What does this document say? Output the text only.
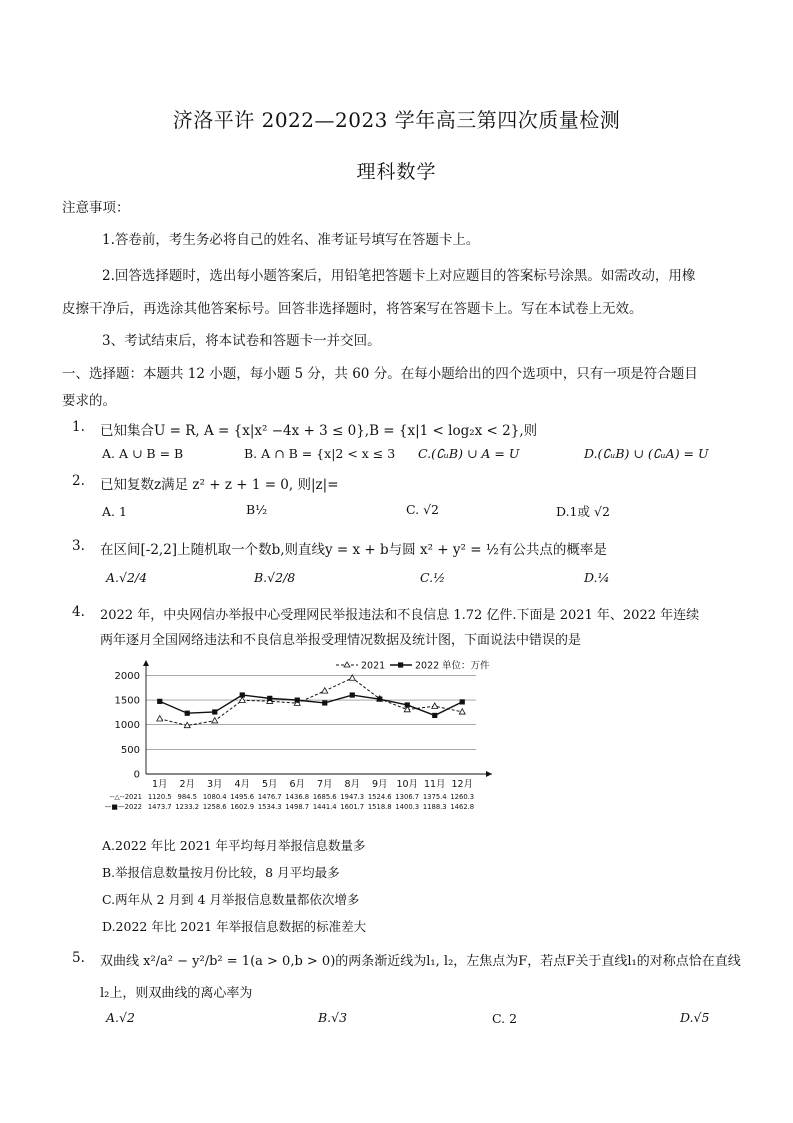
济洛平许 2022—2023 学年高三第四次质量检测
理科数学
注意事项：
1.答卷前，考生务必将自己的姓名、准考证号填写在答题卡上。
2.回答选择题时，选出每小题答案后，用铅笔把答题卡上对应题目的答案标号涂黑。如需改动，用橡
皮擦干净后，再选涂其他答案标号。回答非选择题时，将答案写在答题卡上。写在本试卷上无效。
3、考试结束后，将本试卷和答题卡一并交回。
一、选择题：本题共 12 小题，每小题 5 分，共 60 分。在每小题给出的四个选项中，只有一项是符合题目
要求的。
1. 已知集合U = R, A = {x|x² −4x + 3 ≤ 0},B = {x|1 < log₂x < 2},则
A. A ∪ B = B	B. A ∩ B = {x|2 < x ≤ 3 C.(∁ᵤB) ∪ A = U	D.(∁ᵤB) ∪ (∁ᵤA) = U
2. 已知复数z满足 z² + z + 1 = 0, 则|z|=
A. 1	B½	C. √2	D.1或 √2
3. 在区间[-2,2]上随机取一个数b,则直线y = x + b与圆 x² + y² = ½有公共点的概率是
A.√2/4	B.√2/8	C.½	D.¼
4. 2022 年，中央网信办举报中心受理网民举报违法和不良信息 1.72 亿件.下面是 2021 年、2022 年连续
两年逐月全国网络违法和不良信息举报受理情况数据及统计图，下面说法中错误的是
0
500
1000
1500
2000
1月 2月 3月 4月 5月 6月 7月 8月 9月 10月 11月 12月
2021	2022 单位：万件
--△--2021 1120.5 984.5 1080.4 1495.6 1476.7 1436.8 1685.6 1947.3 1524.6 1306.7 1375.4 1260.3
—■—2022 1473.7 1233.2 1258.6 1602.9 1534.3 1498.7 1441.4 1601.7 1518.8 1400.3 1188.3 1462.8
A.2022 年比 2021 年平均每月举报信息数量多
B.举报信息数量按月份比较，8 月平均最多
C.两年从 2 月到 4 月举报信息数量都依次增多
D.2022 年比 2021 年举报信息数据的标准差大
5. 双曲线 x²/a² − y²/b² = 1(a > 0,b > 0)的两条渐近线为l₁, l₂，左焦点为F，若点F关于直线l₁的对称点恰在直线
l₂上，则双曲线的离心率为
A.√2	B.√3	C. 2	D.√5
